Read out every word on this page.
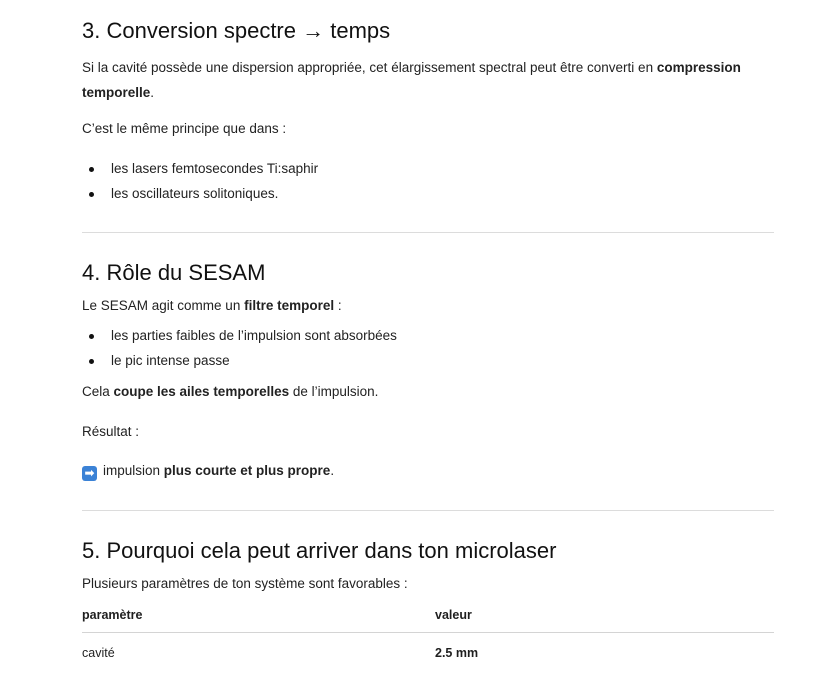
3. Conversion spectre → temps

Si la cavité possède une dispersion appropriée, cet élargissement spectral peut être converti en compression temporelle.

C’est le même principe que dans :

les lasers femtosecondes Ti:saphir
les oscillateurs solitoniques.
4. Rôle du SESAM

Le SESAM agit comme un filtre temporel :

les parties faibles de l’impulsion sont absorbées
le pic intense passe

Cela coupe les ailes temporelles de l’impulsion.

Résultat :

➡ impulsion plus courte et plus propre.

5. Pourquoi cela peut arriver dans ton microlaser

Plusieurs paramètres de ton système sont favorables :

paramètre	valeur
cavité	2.5 mm
